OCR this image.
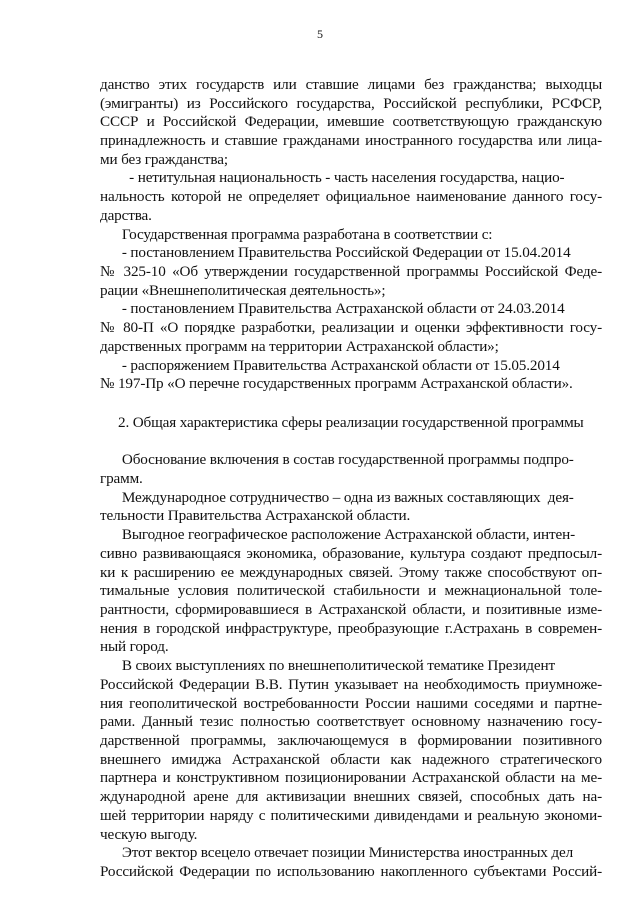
5
данство этих государств или ставшие лицами без гражданства; выходцы
(эмигранты) из Российского государства, Российской республики, РСФСР,
СССР и Российской Федерации, имевшие соответствующую гражданскую
принадлежность и ставшие гражданами иностранного государства или лица-
ми без гражданства;
- нетитульная национальность - часть населения государства, нацио-
нальность которой не определяет официальное наименование данного госу-
дарства.
Государственная программа разработана в соответствии с:
- постановлением Правительства Российской Федерации от 15.04.2014
№ 325-10 «Об утверждении государственной программы Российской Феде-
рации «Внешнеполитическая деятельность»;
- постановлением Правительства Астраханской области от 24.03.2014
№ 80-П «О порядке разработки, реализации и оценки эффективности госу-
дарственных программ на территории Астраханской области»;
- распоряжением Правительства Астраханской области от 15.05.2014
№ 197-Пр «О перечне государственных программ Астраханской области».
2. Общая характеристика сферы реализации государственной программы
Обоснование включения в состав государственной программы подпро-
грамм.
Международное сотрудничество – одна из важных составляющих  дея-
тельности Правительства Астраханской области.
Выгодное географическое расположение Астраханской области, интен-
сивно развивающаяся экономика, образование, культура создают предпосыл-
ки к расширению ее международных связей. Этому также способствуют оп-
тимальные условия политической стабильности и межнациональной толе-
рантности, сформировавшиеся в Астраханской области, и позитивные изме-
нения в городской инфраструктуре, преобразующие г.Астрахань в современ-
ный город.
В своих выступлениях по внешнеполитической тематике Президент
Российской Федерации В.В. Путин указывает на необходимость приумноже-
ния геополитической востребованности России нашими соседями и партне-
рами. Данный тезис полностью соответствует основному назначению госу-
дарственной программы, заключающемуся в формировании позитивного
внешнего имиджа Астраханской области как надежного стратегического
партнера и конструктивном позиционировании Астраханской области на ме-
ждународной арене для активизации внешних связей, способных дать на-
шей территории наряду с политическими дивидендами и реальную экономи-
ческую выгоду.
Этот вектор всецело отвечает позиции Министерства иностранных дел
Российской Федерации по использованию накопленного субъектами Россий-
